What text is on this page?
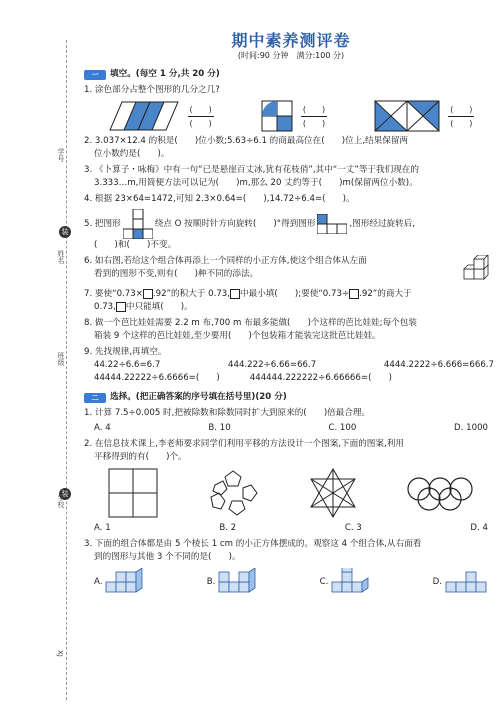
学号
装
姓名
班级
装
学校
XJ
期中素养测评卷
(时间:90 分钟　满分:100 分)
一	填空。(每空 1 分,共 20 分)
1. 涂色部分占整个图形的几分之几?
$\frac{( )}{( )}$	$\frac{( )}{( )}$	$\frac{( )}{( )}$
2. 3.037×12.4 的积是(　　)位小数;5.63÷6.1 的商最高位在(　　)位上,结果保留两
位小数约是(　　)。
3. 《卜算子・咏梅》中有一句“已是悬崖百丈冰,犹有花枝俏”,其中“一丈”等于我们现在的
3.333…m,用简便方法可以记为(　　)m,那么 20 丈约等于(　　)m(保留两位小数)。
4. 根据 23×64=1472,可知 2.3×0.64=(　　),14.72÷6.4=(　　)。
5. 把图形	绕点 O 按顺时针方向旋转(　　)°得到图形	,图形经过旋转后,
(　　)和(　　)不变。
6. 如右图,若给这个组合体再添上一个同样的小正方体,使这个组合体从左面
看到的图形不变,则有(　　)种不同的添法。
7. 要使“0.73× .92”的积大于 0.73, 中最小填(　　);要使“0.73÷ .92”的商大于
0.73, 中只能填(　　)。
8. 做一个芭比娃娃需要 2.2 m 布,700 m 布最多能做(　　)个这样的芭比娃娃;每个包装
箱装 9 个这样的芭比娃娃,至少要用(　　)个包装箱才能装完这批芭比娃娃。
9. 先找规律,再填空。
44.22÷6.6=6.7	444.222÷6.66=66.7	4444.2222÷6.666=666.7
44444.22222÷6.6666=(　　)	444444.222222÷6.66666=(　　)
二	选择。(把正确答案的序号填在括号里)(20 分)
1. 计算 7.5÷0.005 时,把被除数和除数同时扩大到原来的(　　)倍最合理。
A. 4	B. 10	C. 100	D. 1000
2. 在信息技术课上,李老师要求同学们利用平移的方法设计一个图案,下面的图案,利用
平移得到的有(　　)个。
A. 1	B. 2	C. 3	D. 4
3. 下面的组合体都是由 5 个棱长 1 cm 的小正方体摆成的。观察这 4 个组合体,从右面看
到的图形与其他 3 个不同的是(　　)。
A.	B.	C.	D.
